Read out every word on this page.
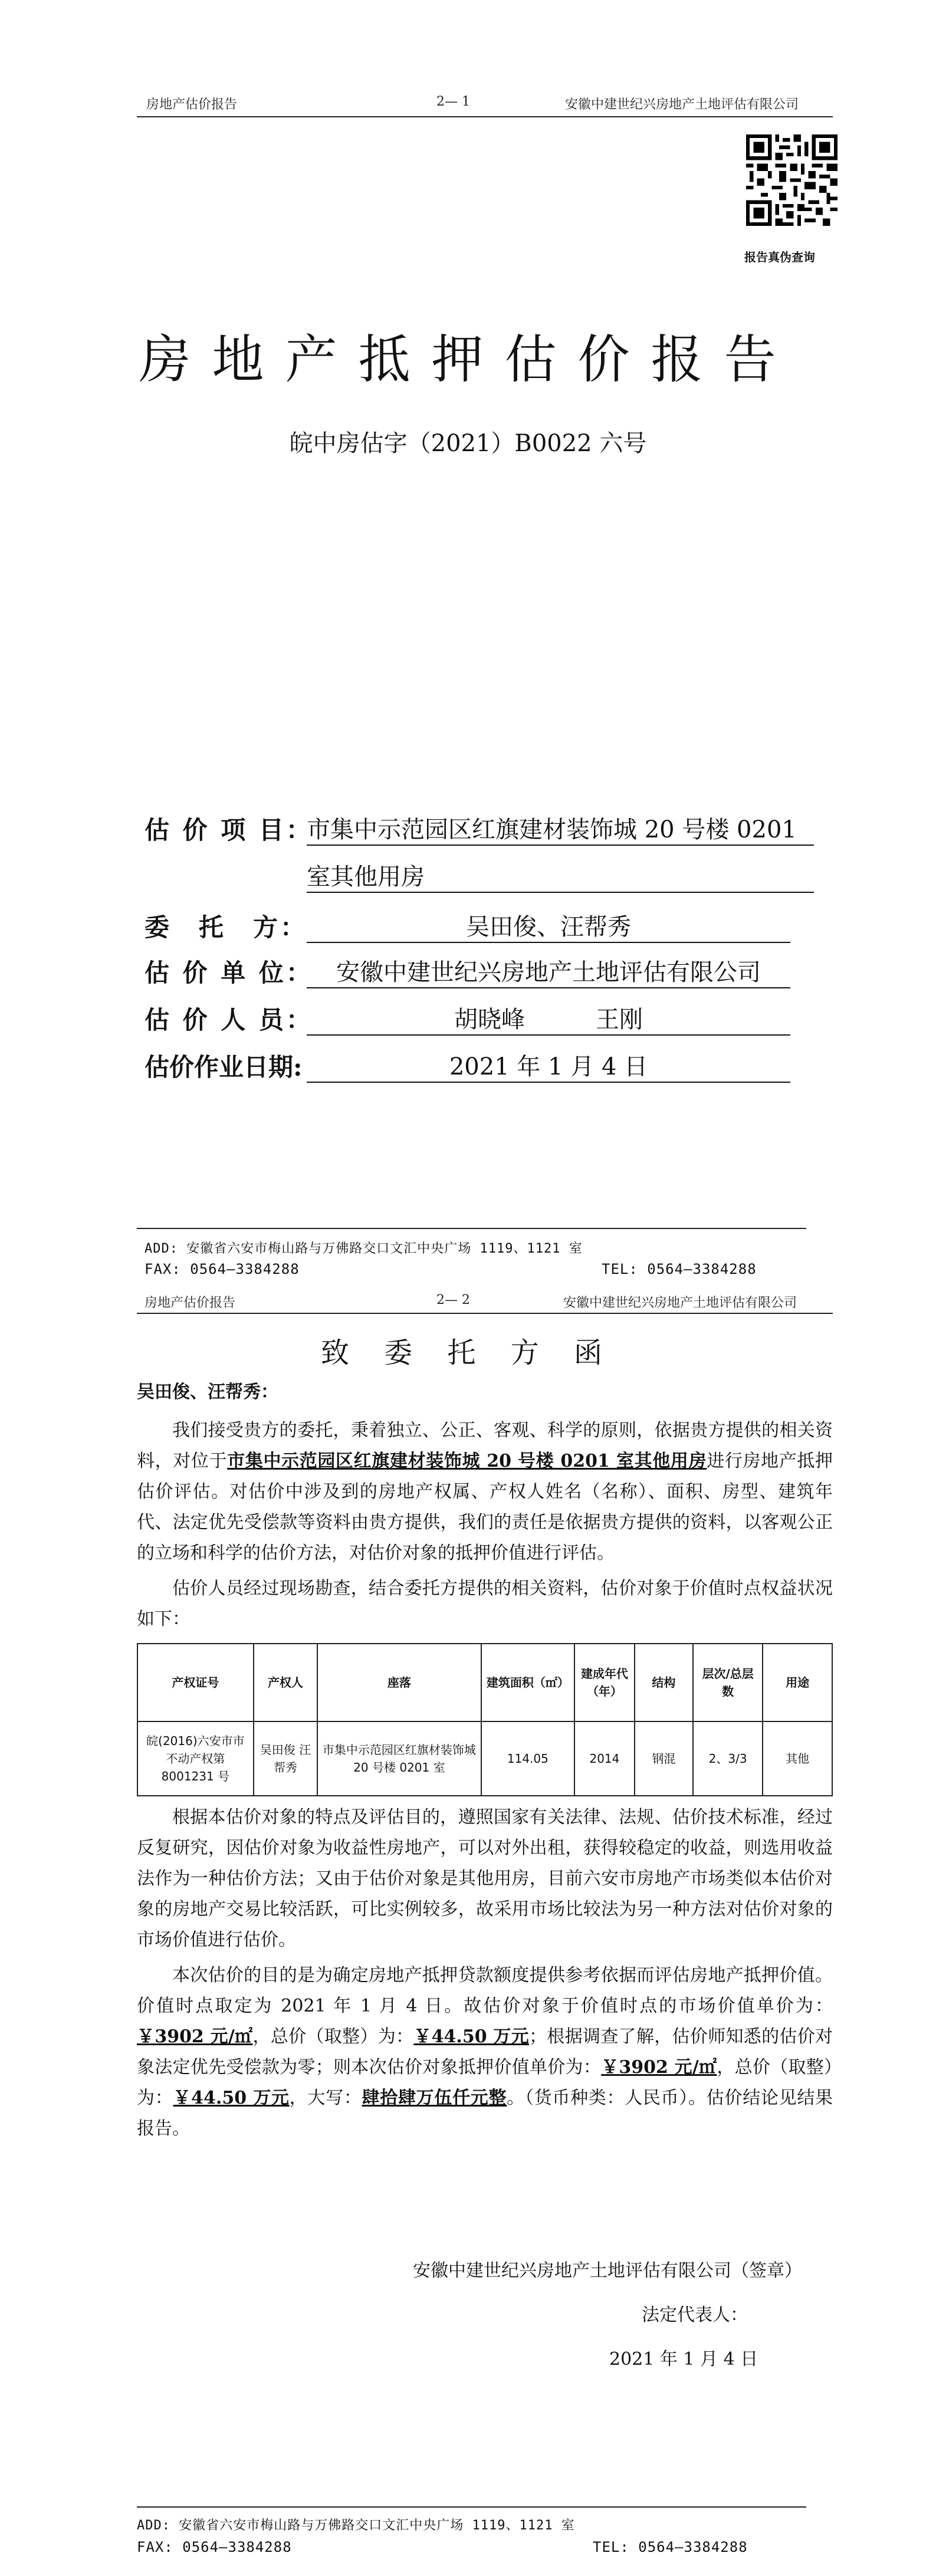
房地产估价报告	2— 1	安徽中建世纪兴房地产土地评估有限公司
报告真伪查询
房地产抵押估价报告
皖中房估字（2021）B0022 六号
估 价 项 目：
市集中示范园区红旗建材装饰城 20 号楼 0201
室其他用房
委　托　方：	吴田俊、汪帮秀
估 价 单 位： 安徽中建世纪兴房地产土地评估有限公司
估 价 人 员：	胡晓峰　　　王刚
估价作业日期:	2021 年 1 月 4 日
ADD: 安徽省六安市梅山路与万佛路交口文汇中央广场 1119、1121 室
FAX: 0564—3384288	TEL: 0564—3384288
房地产估价报告	2— 2	安徽中建世纪兴房地产土地评估有限公司
致 委 托 方 函
吴田俊、汪帮秀：

我们接受贵方的委托，秉着独立、公正、客观、科学的原则，依据贵方提供的相关资料，对位于市集中示范园区红旗建材装饰城 20 号楼 0201 室其他用房进行房地产抵押估价评估。对估价中涉及到的房地产权属、产权人姓名（名称）、面积、房型、建筑年代、法定优先受偿款等资料由贵方提供，我们的责任是依据贵方提供的资料，以客观公正的立场和科学的估价方法，对估价对象的抵押价值进行评估。

估价人员经过现场勘查，结合委托方提供的相关资料，估价对象于价值时点权益状况如下：

产权证号	产权人	座落	建筑面积（㎡）	建成年代（年）	结构	层次/总层数	用途
皖(2016)六安市市不动产权第 8001231 号	吴田俊 汪帮秀	市集中示范园区红旗材装饰城 20 号楼 0201 室	114.05	2014	钢混	2、3/3	其他

根据本估价对象的特点及评估目的，遵照国家有关法律、法规、估价技术标准，经过反复研究，因估价对象为收益性房地产，可以对外出租，获得较稳定的收益，则选用收益法作为一种估价方法；又由于估价对象是其他用房，目前六安市房地产市场类似本估价对象的房地产交易比较活跃，可比实例较多，故采用市场比较法为另一种方法对估价对象的市场价值进行估价。

本次估价的目的是为确定房地产抵押贷款额度提供参考依据而评估房地产抵押价值。价值时点取定为 2021 年 1 月 4 日。故估价对象于价值时点的市场价值单价为：￥3902 元/㎡，总价（取整）为：￥44.50 万元；根据调查了解，估价师知悉的估价对象法定优先受偿款为零；则本次估价对象抵押价值单价为：￥3902 元/㎡，总价（取整）为：￥44.50 万元，大写：肆拾肆万伍仟元整。（货币种类：人民币）。估价结论见结果报告。

安徽中建世纪兴房地产土地评估有限公司（签章）
法定代表人：
2021 年 1 月 4 日
ADD: 安徽省六安市梅山路与万佛路交口文汇中央广场 1119、1121 室
FAX: 0564—3384288	TEL: 0564—3384288
